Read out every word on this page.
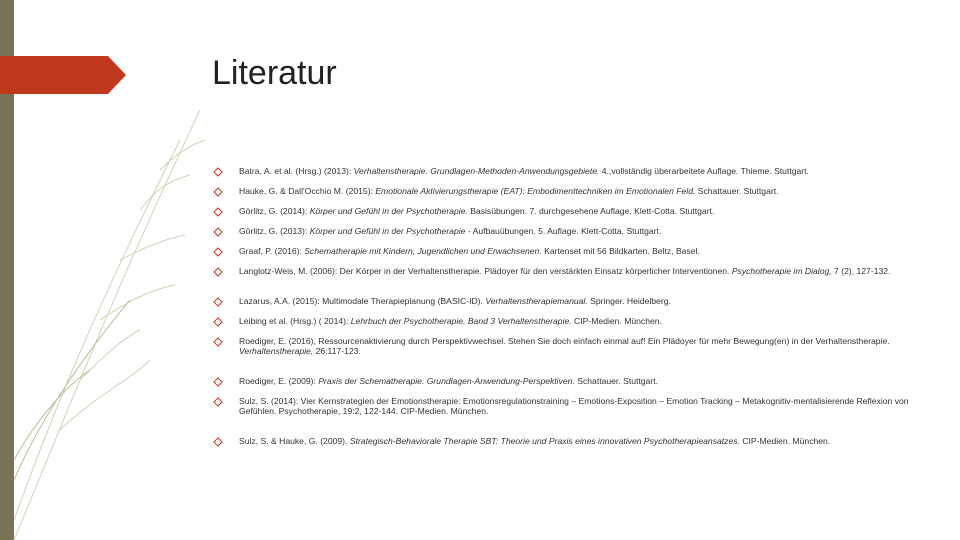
Literatur
Batra, A. et al. (Hrsg.) (2013): Verhaltenstherapie. Grundlagen-Methoden-Anwendungsgebiete. 4.,vollständig überarbeitete Auflage. Thieme. Stuttgart.
Hauke, G. & Dall'Occhio M. (2015): Emotionale Aktivierungstherapie (EAT): Embodimenttechniken im Emotionalen Feld. Schattauer. Stuttgart.
Görlitz, G. (2014): Körper und Gefühl in der Psychotherapie. Basisübungen. 7. durchgesehene Auflage. Klett-Cotta. Stuttgart.
Görlitz, G. (2013): Körper und Gefühl in der Psychotherapie - Aufbauübungen. 5. Auflage. Klett-Cotta. Stuttgart.
Graaf, P. (2016): Schematherapie mit Kindern, Jugendlichen und Erwachsenen. Kartenset mit 56 Bildkarten. Beltz, Basel.
Langlotz-Weis, M. (2006): Der Körper in der Verhaltenstherapie. Plädoyer für den verstärkten Einsatz körperlicher Interventionen. Psychotherapie im Dialog, 7 (2), 127-132.
Lazarus, A.A. (2015): Multimodale Therapieplanung (BASIC-ID). Verhaltenstherapiemanual. Springer. Heidelberg.
Leibing et al. (Hrsg.) ( 2014): Lehrbuch der Psychotherapie. Band 3 Verhaltenstherapie. CIP-Medien. München.
Roediger, E. (2016), Ressourcenaktivierung durch Perspektivwechsel. Stehen Sie doch einfach einmal auf! Ein Plädoyer für mehr Bewegung(en) in der Verhaltenstherapie. Verhaltenstherapie, 26:117-123.
Roediger, E. (2009): Praxis der Schematherapie. Grundlagen-Anwendung-Perspektiven. Schattauer. Stuttgart.
Sulz, S. (2014): Vier Kernstrategien der Emotionstherapie: Emotionsregulationstraining – Emotions-Exposition – Emotion Tracking – Metakognitiv-mentalisierende Reflexion von Gefühlen. Psychotherapie, 19:2, 122-144. CIP-Medien. München.
Sulz, S. & Hauke, G. (2009). Strategisch-Behaviorale Therapie SBT: Theorie und Praxis eines innovativen Psychotherapieansatzes. CIP-Medien. München.
